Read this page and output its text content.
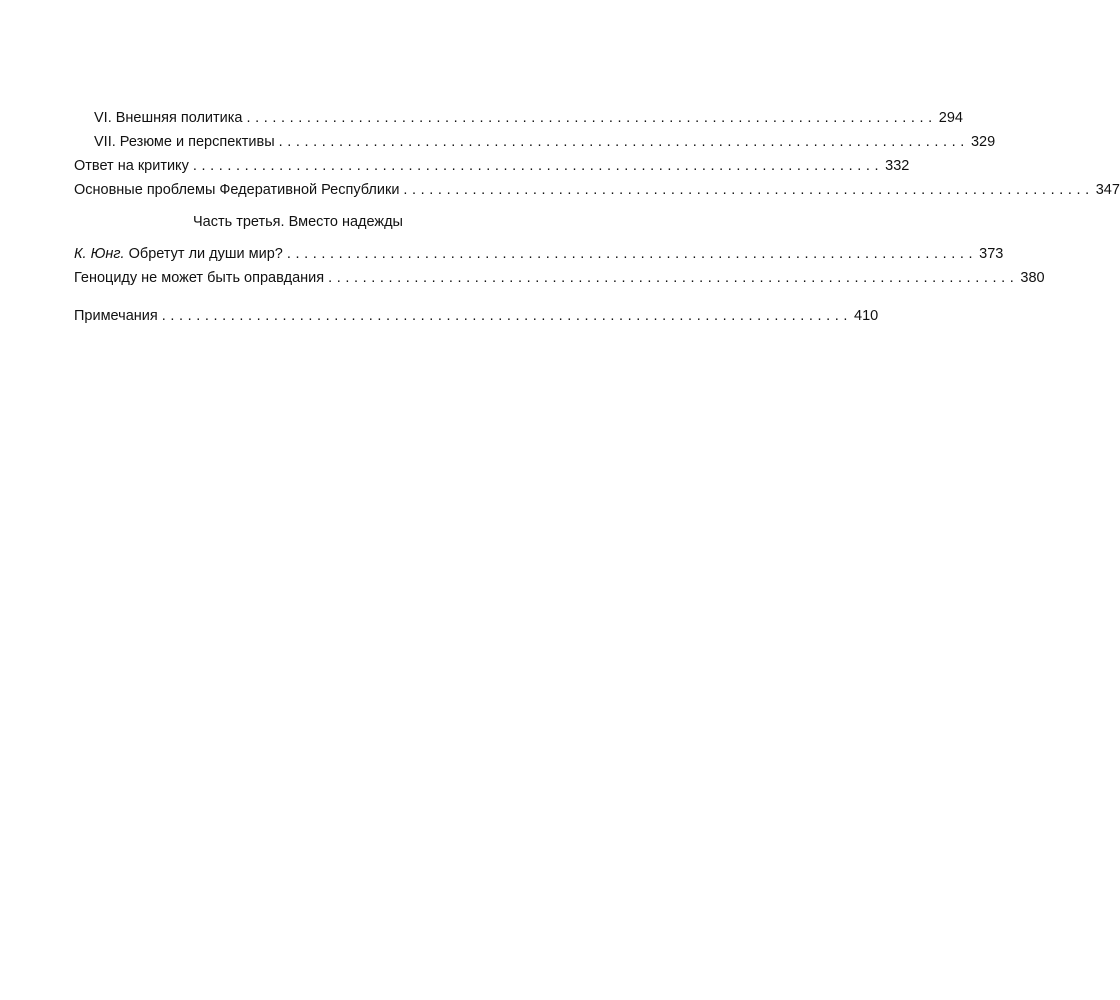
VI. Внешняя политика ................................................................................ 294
VII. Резюме и перспективы ................................................................................ 329
Ответ на критику ................................................................................ 332
Основные проблемы Федеративной Республики ................................................................................ 347
Часть третья. Вместо надежды
К. Юнг. Обретут ли души мир? ................................................................................ 373
Геноциду не может быть оправдания ................................................................................ 380
Примечания ................................................................................ 410
